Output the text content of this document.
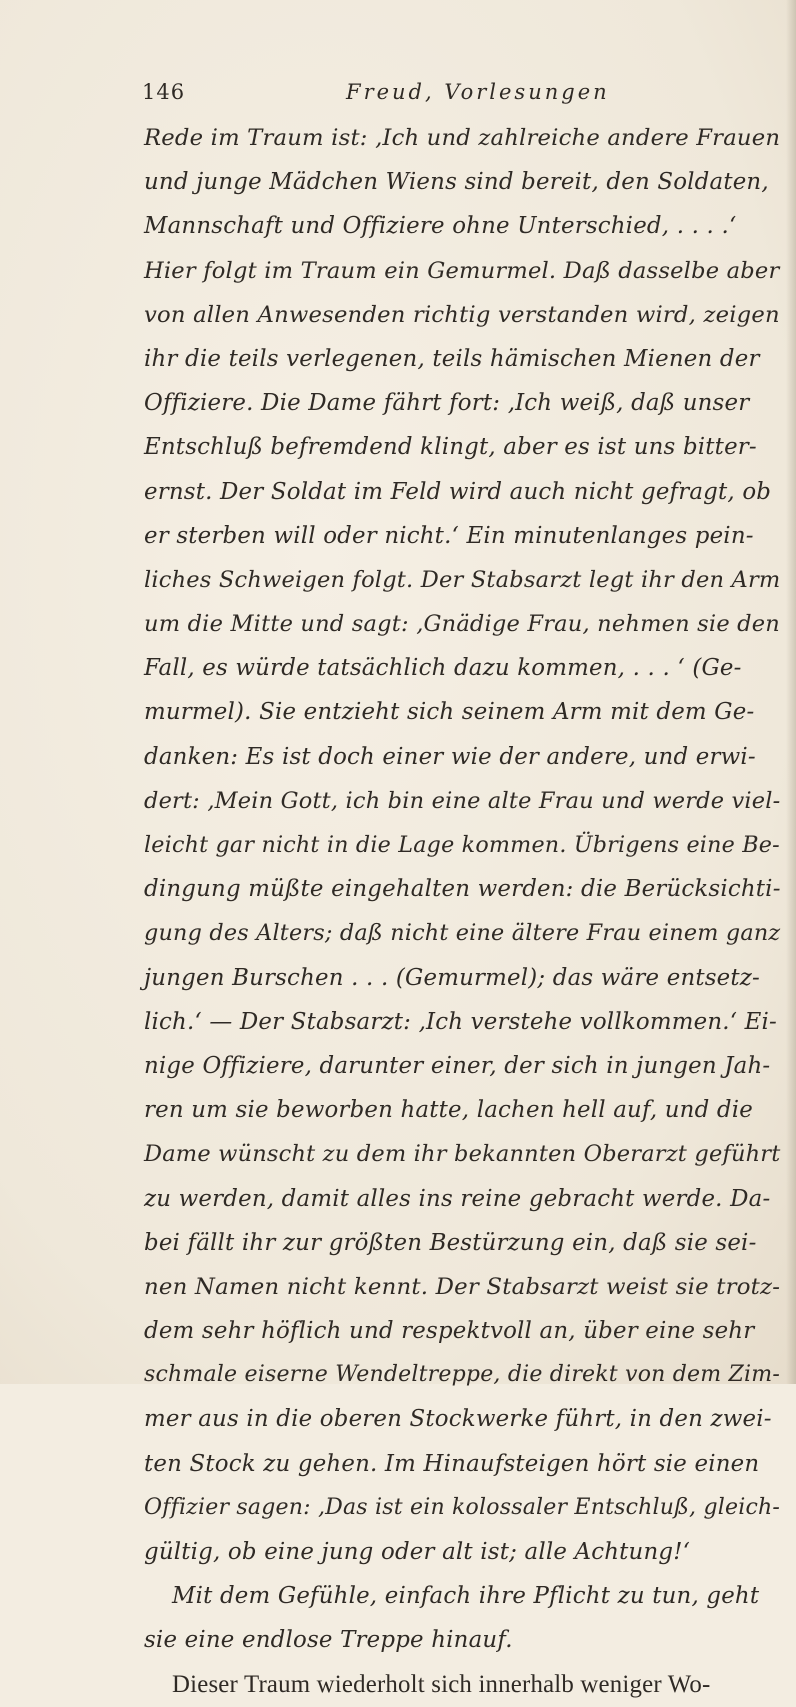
146	Freud, Vorlesungen
Rede im Traum ist: ‚Ich und zahlreiche andere Frauen
und junge Mädchen Wiens sind bereit, den Soldaten,
Mannschaft und Offiziere ohne Unterschied, . . . .‘
Hier folgt im Traum ein Gemurmel. Daß dasselbe aber
von allen Anwesenden richtig verstanden wird, zeigen
ihr die teils verlegenen, teils hämischen Mienen der
Offiziere. Die Dame fährt fort: ‚Ich weiß, daß unser
Entschluß befremdend klingt, aber es ist uns bitter-
ernst. Der Soldat im Feld wird auch nicht gefragt, ob
er sterben will oder nicht.‘ Ein minutenlanges pein-
liches Schweigen folgt. Der Stabsarzt legt ihr den Arm
um die Mitte und sagt: ‚Gnädige Frau, nehmen sie den
Fall, es würde tatsächlich dazu kommen, . . . ‘ (Ge-
murmel). Sie entzieht sich seinem Arm mit dem Ge-
danken: Es ist doch einer wie der andere, und erwi-
dert: ‚Mein Gott, ich bin eine alte Frau und werde viel-
leicht gar nicht in die Lage kommen. Übrigens eine Be-
dingung müßte eingehalten werden: die Berücksichti-
gung des Alters; daß nicht eine ältere Frau einem ganz
jungen Burschen . . . (Gemurmel); das wäre entsetz-
lich.‘ — Der Stabsarzt: ‚Ich verstehe vollkommen.‘ Ei-
nige Offiziere, darunter einer, der sich in jungen Jah-
ren um sie beworben hatte, lachen hell auf, und die
Dame wünscht zu dem ihr bekannten Oberarzt geführt
zu werden, damit alles ins reine gebracht werde. Da-
bei fällt ihr zur größten Bestürzung ein, daß sie sei-
nen Namen nicht kennt. Der Stabsarzt weist sie trotz-
dem sehr höflich und respektvoll an, über eine sehr
schmale eiserne Wendeltreppe, die direkt von dem Zim-
mer aus in die oberen Stockwerke führt, in den zwei-
ten Stock zu gehen. Im Hinaufsteigen hört sie einen
Offizier sagen: ‚Das ist ein kolossaler Entschluß, gleich-
gültig, ob eine jung oder alt ist; alle Achtung!‘
Mit dem Gefühle, einfach ihre Pflicht zu tun, geht
sie eine endlose Treppe hinauf.
Dieser Traum wiederholt sich innerhalb weniger Wo-
